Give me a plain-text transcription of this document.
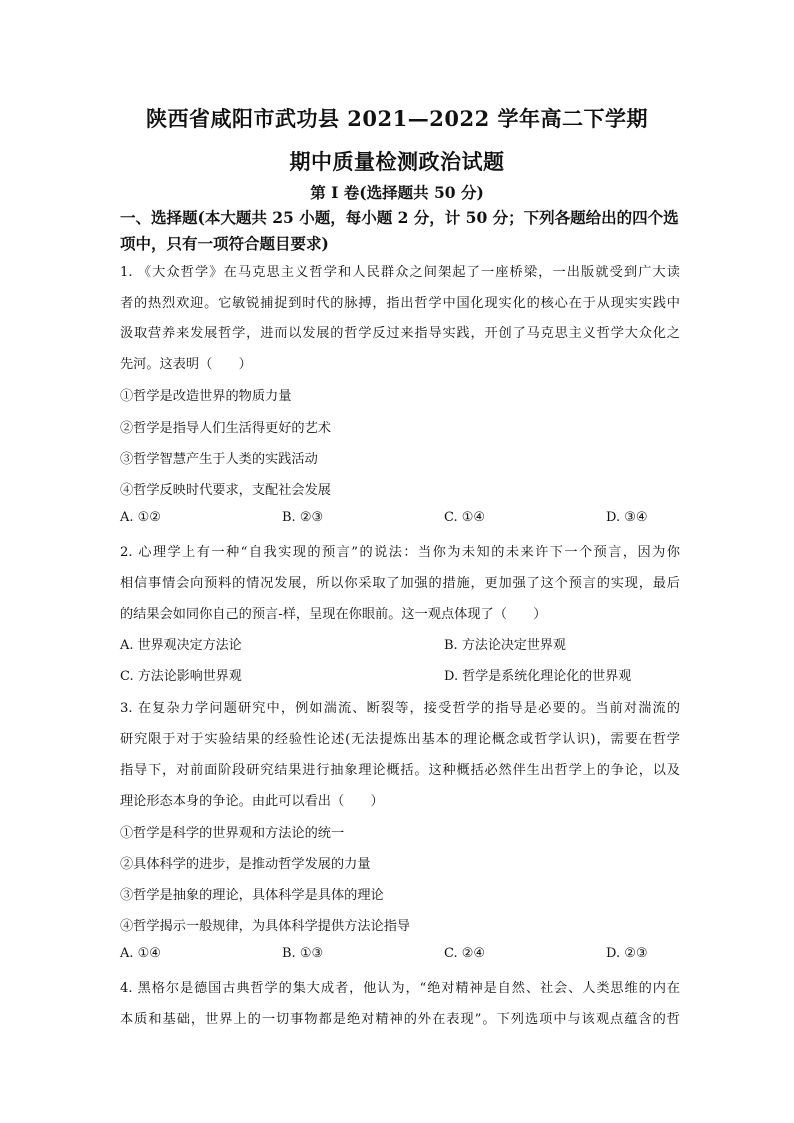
陕西省咸阳市武功县 2021—2022 学年高二下学期
期中质量检测政治试题
第 I 卷(选择题共 50 分)
一、选择题(本大题共 25 小题，每小题 2 分，计 50 分；下列各题给出的四个选
项中，只有一项符合题目要求)
1. 《大众哲学》在马克思主义哲学和人民群众之间架起了一座桥梁，一出版就受到广大读
者的热烈欢迎。它敏锐捕捉到时代的脉搏，指出哲学中国化现实化的核心在于从现实实践中
汲取营养来发展哲学，进而以发展的哲学反过来指导实践，开创了马克思主义哲学大众化之
先河。这表明（　　）
①哲学是改造世界的物质力量
②哲学是指导人们生活得更好的艺术
③哲学智慧产生于人类的实践活动
④哲学反映时代要求，支配社会发展
A. ①②	B. ②③	C. ①④	D. ③④
2. 心理学上有一种“自我实现的预言”的说法：当你为未知的未来许下一个预言，因为你
相信事情会向预料的情况发展，所以你采取了加强的措施，更加强了这个预言的实现，最后
的结果会如同你自己的预言-样，呈现在你眼前。这一观点体现了（　　）
A. 世界观决定方法论	B. 方法论决定世界观
C. 方法论影响世界观	D. 哲学是系统化理论化的世界观
3. 在复杂力学问题研究中，例如湍流、断裂等，接受哲学的指导是必要的。当前对湍流的
研究限于对于实验结果的经验性论述(无法提炼出基本的理论概念或哲学认识)，需要在哲学
指导下，对前面阶段研究结果进行抽象理论概括。这种概括必然伴生出哲学上的争论，以及
理论形态本身的争论。由此可以看出（　　）
①哲学是科学的世界观和方法论的统一
②具体科学的进步，是推动哲学发展的力量
③哲学是抽象的理论，具体科学是具体的理论
④哲学揭示一般规律，为具体科学提供方法论指导
A. ①④	B. ①③	C. ②④	D. ②③
4. 黑格尔是德国古典哲学的集大成者，他认为，“绝对精神是自然、社会、人类思维的内在
本质和基础，世界上的一切事物都是绝对精神的外在表现”。下列选项中与该观点蕴含的哲
